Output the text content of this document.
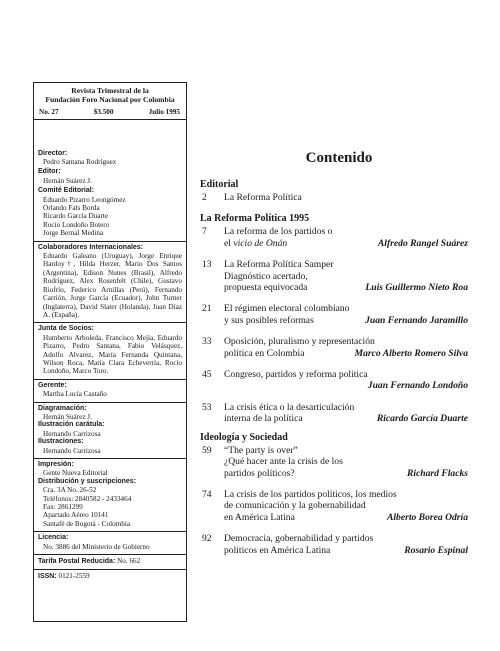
Revista Trimestral de la
Fundación Foro Nacional por Colombia
No. 27	$3.500	Julio 1995
Director:
Pedro Santana Rodríguez
Editor:
Hernán Suárez J.
Comité Editorial:
Eduardo Pizarro Leongómez
Orlando Fals Borda
Ricardo García Duarte
Rocío Londoño Botero
Jorge Bernal Medina
Colaboradores Internacionales:
Eduardo Galeano (Uruguay), Jorge Enrique Hardoy†, Hilda Herzer, Mario Dos Santos (Argentina), Edison Nunes (Brasil), Alfredo Rodríguez, Alex Rosenfelt (Chile), Gustavo Riofrío, Federico Arnillas (Perú), Fernando Carrión, Jorge García (Ecuador), John Turner (Inglaterra), David Slater (Holanda), Juan Díaz A. (España).
Junta de Socios:
Humberto Arboleda, Francisco Mejía, Eduardo Pizarro, Pedro Santana, Fabio Velásquez, Adolfo Alvarez, María Fernanda Quintana, Wilson Roca, María Clara Echeverría, Rocío Londoño, Marco Toro.
Gerente:
Martha Lucía Castaño
Diagramación:
Hernán Suárez J.
Ilustración carátula:
Hernando Carrizosa
Ilustraciones:
Hernando Carrizosa
Impresión:
Gente Nueva Editorial
Distribución y suscripciones:
Cra. 3A No. 26-52
Teléfonos: 2840582 - 2433464
Fax: 2861299
Apartado Aéreo 10141
Santafé de Bogotá - Colombia
Licencia:
No. 3886 del Ministerio de Gobierno
Tarifa Postal Reducida: No. 662
ISSN: 0121-2559
Contenido
Editorial
2	La Reforma Política
La Reforma Política 1995
7	La reforma de los partidos o
el vicio de Onán	Alfredo Rangel Suárez
13	La Reforma Política Samper
Diagnóstico acertado,
propuesta equivocada	Luis Guillermo Nieto Roa
21	El régimen electoral colombiano
y sus posibles reformas	Juan Fernando Jaramillo
33	Oposición, pluralismo y representación
política en Colombia	Marco Alberto Romero Silva
45	Congreso, partidos y reforma política
Juan Fernando Londoño
53	La crisis ética o la desarticulación
interna de la política	Ricardo García Duarte
Ideología y Sociedad
59	“The party is over”
¿Qué hacer ante la crisis de los
partidos políticos?	Richard Flacks
74	La crisis de los partidos políticos, los medios
de comunicación y la gobernabilidad
en América Latina	Alberto Borea Odría
92	Democracia, gobernabilidad y partidos
políticos en América Latina	Rosario Espinal
